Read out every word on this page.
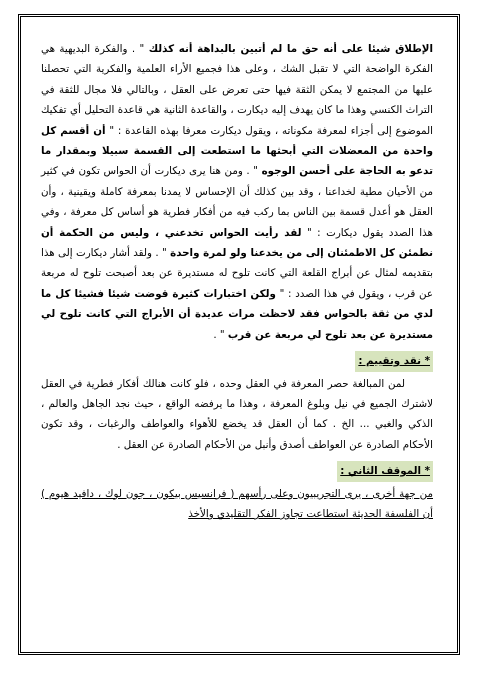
الإطلاق شيئا على أنه حق ما لم أتبين بالبداهة أنه كذلك " . والفكرة البديهية هي الفكرة الواضحة التي لا تقبل الشك ، وعلى هذا فجميع الأراء العلمية والفكرية التي تحصلنا عليها من المجتمع لا يمكن الثقة فيها حتى تعرض على العقل ، وبالتالي فلا مجال للثقة في التراث الكنسي وهذا ما كان يهدف إليه ديكارت ، والقاعدة الثانية هي قاعدة التحليل أي تفكيك الموضوع إلى أجزاء لمعرفة مكوناته ، ويقول ديكارت معرفا بهذه القاعدة : " أن أقسم كل واحدة من المعضلات التي أبحثها ما استطعت إلى القسمة سبيلا وبمقدار ما تدعو به الحاجة على أحسن الوجوه " . ومن هنا يرى ديكارت أن الحواس تكون في كثير من الأحيان مطية لخداعنا ، وقد بين كذلك أن الإحساس لا يمدنا بمعرفة كاملة ويقينية ، وأن العقل هو أعدل قسمة بين الناس بما ركب فيه من أفكار فطرية هو أساس كل معرفة ، وفي هذا الصدد يقول ديكارت : " لقد رأيت الحواس تخدعني ، وليس من الحكمة أن نطمئن كل الاطمئنان إلى من يخدعنا ولو لمرة واحدة " . ولقد أشار ديكارت إلى هذا بتقديمه لمثال عن أبراج القلعة التي كانت تلوح له مستديرة عن بعد أصبحت تلوح له مربعة عن قرب ، ويقول في هذا الصدد : " ولكن اختبارات كثيرة قوضت شيئا فشيئا كل ما لدي من ثقة بالحواس فقد لاحظت مرات عديدة أن الأبراج التي كانت تلوح لي مستديرة عن بعد تلوح لي مربعة عن قرب " .

* نقد وتقييم :

لمن المبالغة حصر المعرفة في العقل وحده ، فلو كانت هنالك أفكار فطرية في العقل لاشترك الجميع في نيل وبلوغ المعرفة ، وهذا ما يرفضه الواقع ، حيث نجد الجاهل والعالم ، الذكي والغبي ... الخ . كما أن العقل قد يخضع للأهواء والعواطف والرغبات ، وقد تكون الأحكام الصادرة عن العواطف أصدق وأنبل من الأحكام الصادرة عن العقل .

* الموقف الثاني :

من جهة أخرى ، يرى التجريبيون وعلى رأسهم ( فرانسيس بيكون ، جون لوك ، دافيد هيوم ) أن الفلسفة الحديثة استطاعت تجاوز الفكر التقليدي والأخذ
